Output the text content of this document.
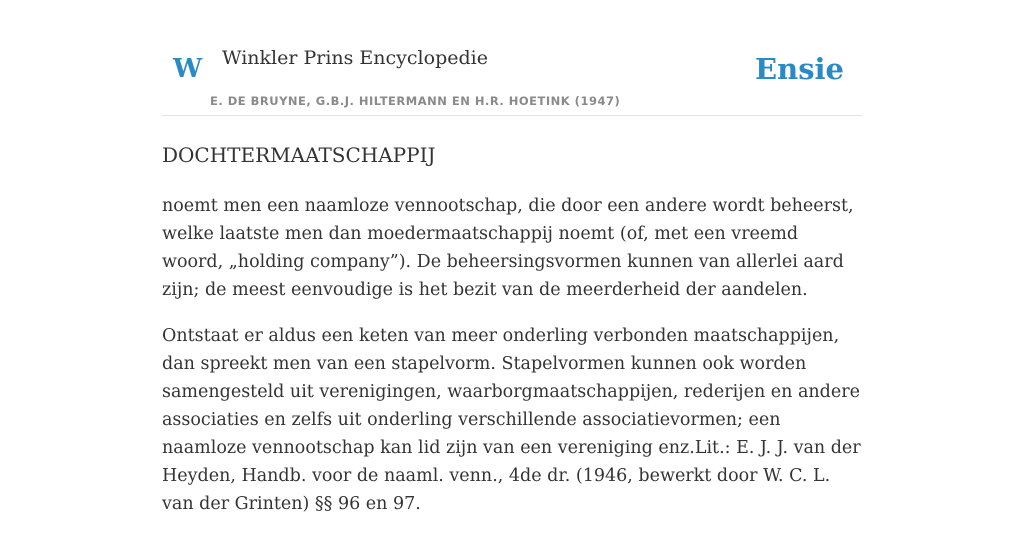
W Winkler Prins Encyclopedie
E. DE BRUYNE, G.B.J. HILTERMANN EN H.R. HOETINK (1947)
Ensie
DOCHTERMAATSCHAPPIJ

noemt men een naamloze vennootschap, die door een andere wordt beheerst, welke laatste men dan moedermaatschappij noemt (of, met een vreemd woord, „holding company”). De beheersingsvormen kunnen van allerlei aard zijn; de meest eenvoudige is het bezit van de meerderheid der aandelen.

Ontstaat er aldus een keten van meer onderling verbonden maatschappijen, dan spreekt men van een stapelvorm. Stapelvormen kunnen ook worden samengesteld uit verenigingen, waarborgmaatschappijen, rederijen en andere associaties en zelfs uit onderling verschillende associatievormen; een naamloze vennootschap kan lid zijn van een vereniging enz.Lit.: E. J. J. van der Heyden, Handb. voor de naaml. venn., 4de dr. (1946, bewerkt door W. C. L. van der Grinten) §§ 96 en 97.
